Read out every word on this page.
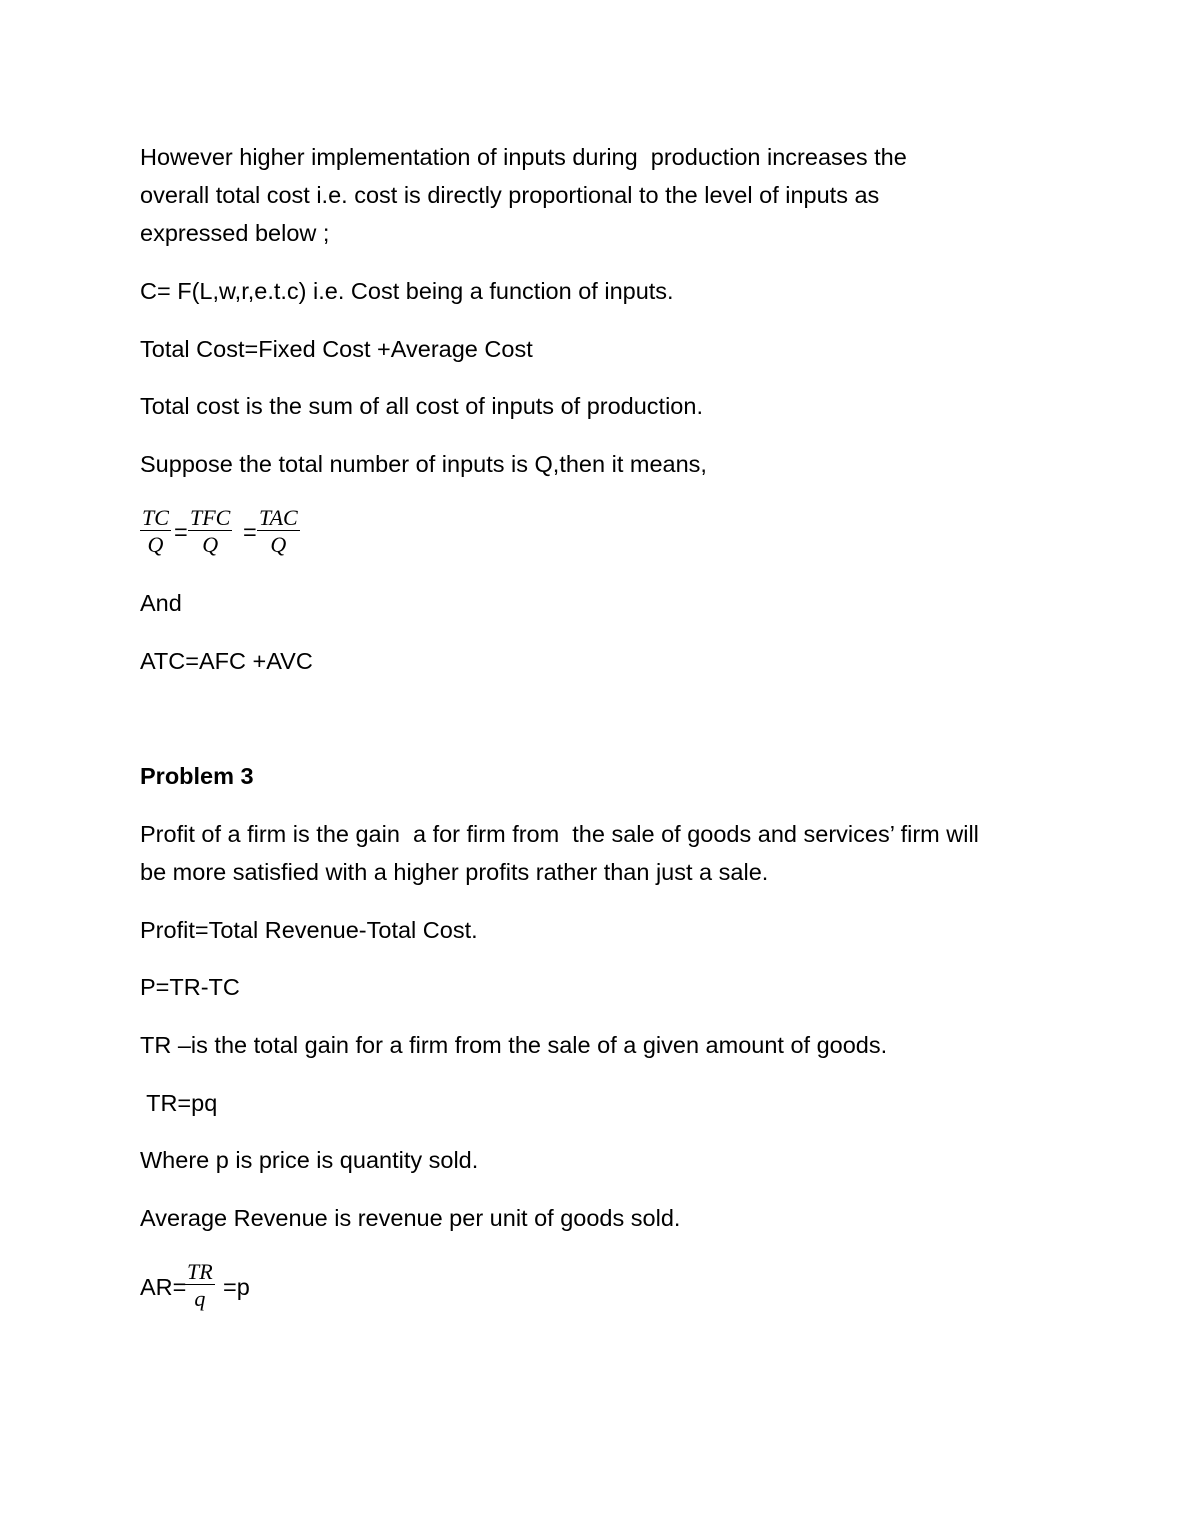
However higher implementation of inputs during  production increases the

overall total cost i.e. cost is directly proportional to the level of inputs as

expressed below ;

C= F(L,w,r,e.t.c) i.e. Cost being a function of inputs.

Total Cost=Fixed Cost +Average Cost

Total cost is the sum of all cost of inputs of production.

Suppose the total number of inputs is Q,then it means,

$\frac{TC}{Q}$ =
TFC
Q	=
TAC
Q

And

ATC=AFC +AVC

Problem 3

Profit of a firm is the gain  a for firm from  the sale of goods and services’ firm will

be more satisfied with a higher profits rather than just a sale.

Profit=Total Revenue-Total Cost.

P=TR-TC

TR –is the total gain for a firm from the sale of a given amount of goods.

TR=pq

Where p is price is quantity sold.

Average Revenue is revenue per unit of goods sold.

AR=
$\frac{TR}{q} =p$
